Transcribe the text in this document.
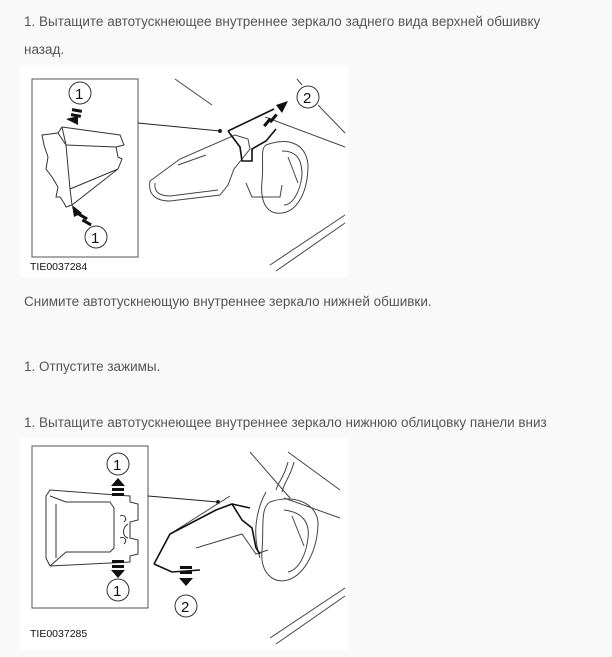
1. Вытащите автотускнеющее внутреннее зеркало заднего вида верхней обшивку
назад.

1
1
2
TIE0037284

Снимите автотускнеющую внутреннее зеркало нижней обшивки.

1. Отпустите зажимы.

1. Вытащите автотускнеющее внутреннее зеркало нижнюю облицовку панели вниз

1
1
2
TIE0037285
